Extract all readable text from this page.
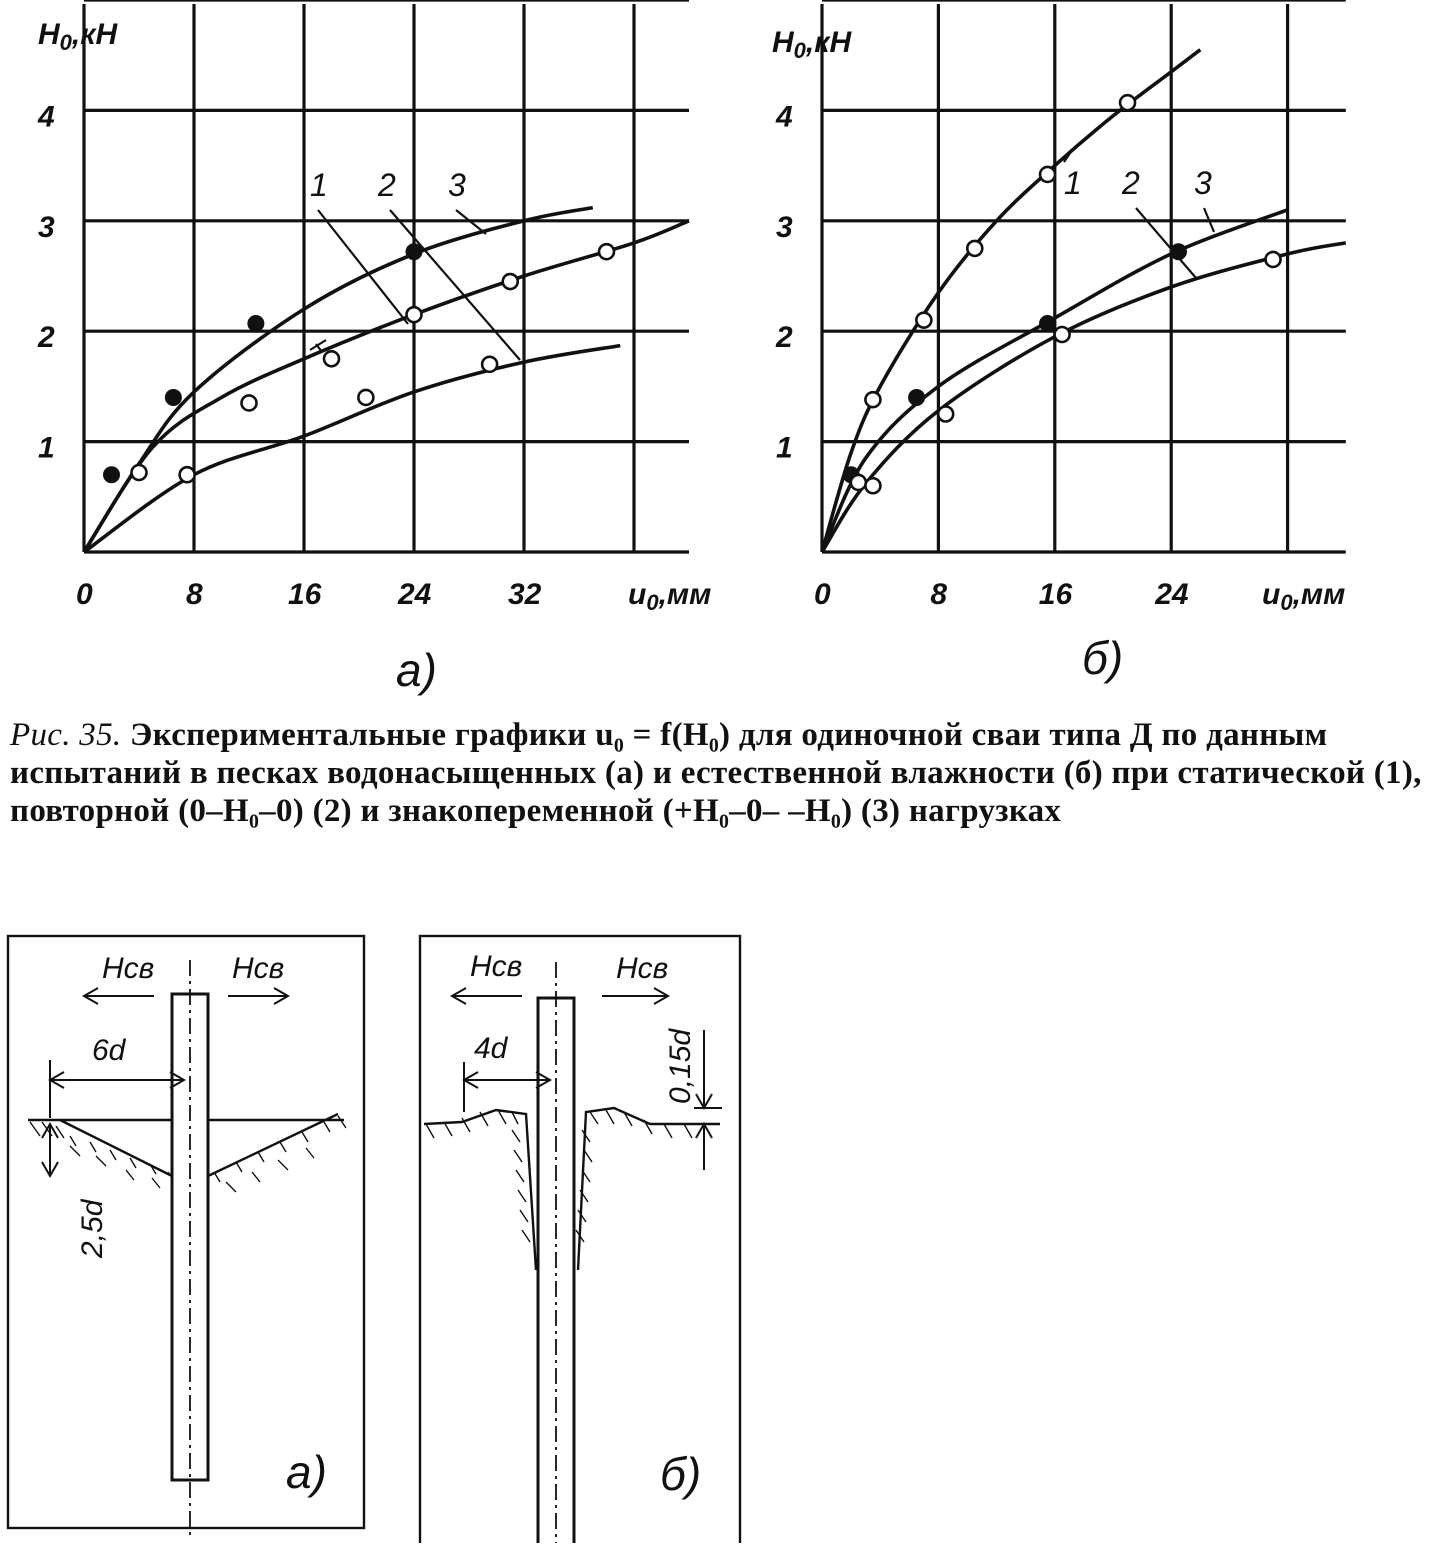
0	8	16	24	32
1
2
3
4
$H_0,кН$
$u_0,мм$
1 2 3
а)
0	8	16	24
1
2
3
4
$H_0,кН$
$u_0,мм$
1 2 3
б)
Hсв	Hсв
6d
2,5d
а)
Hсв	Hсв
4d	0,15d
б)
Рис. 35. Экспериментальные графики u₀ = f(H₀) для одиночной сваи типа Д по данным испытаний в песках водонасыщенных (а) и естественной влажности (б) при статической (1), повторной (0–H₀–0) (2) и знакопеременной (+H₀–0– –H₀) (3) нагрузках
